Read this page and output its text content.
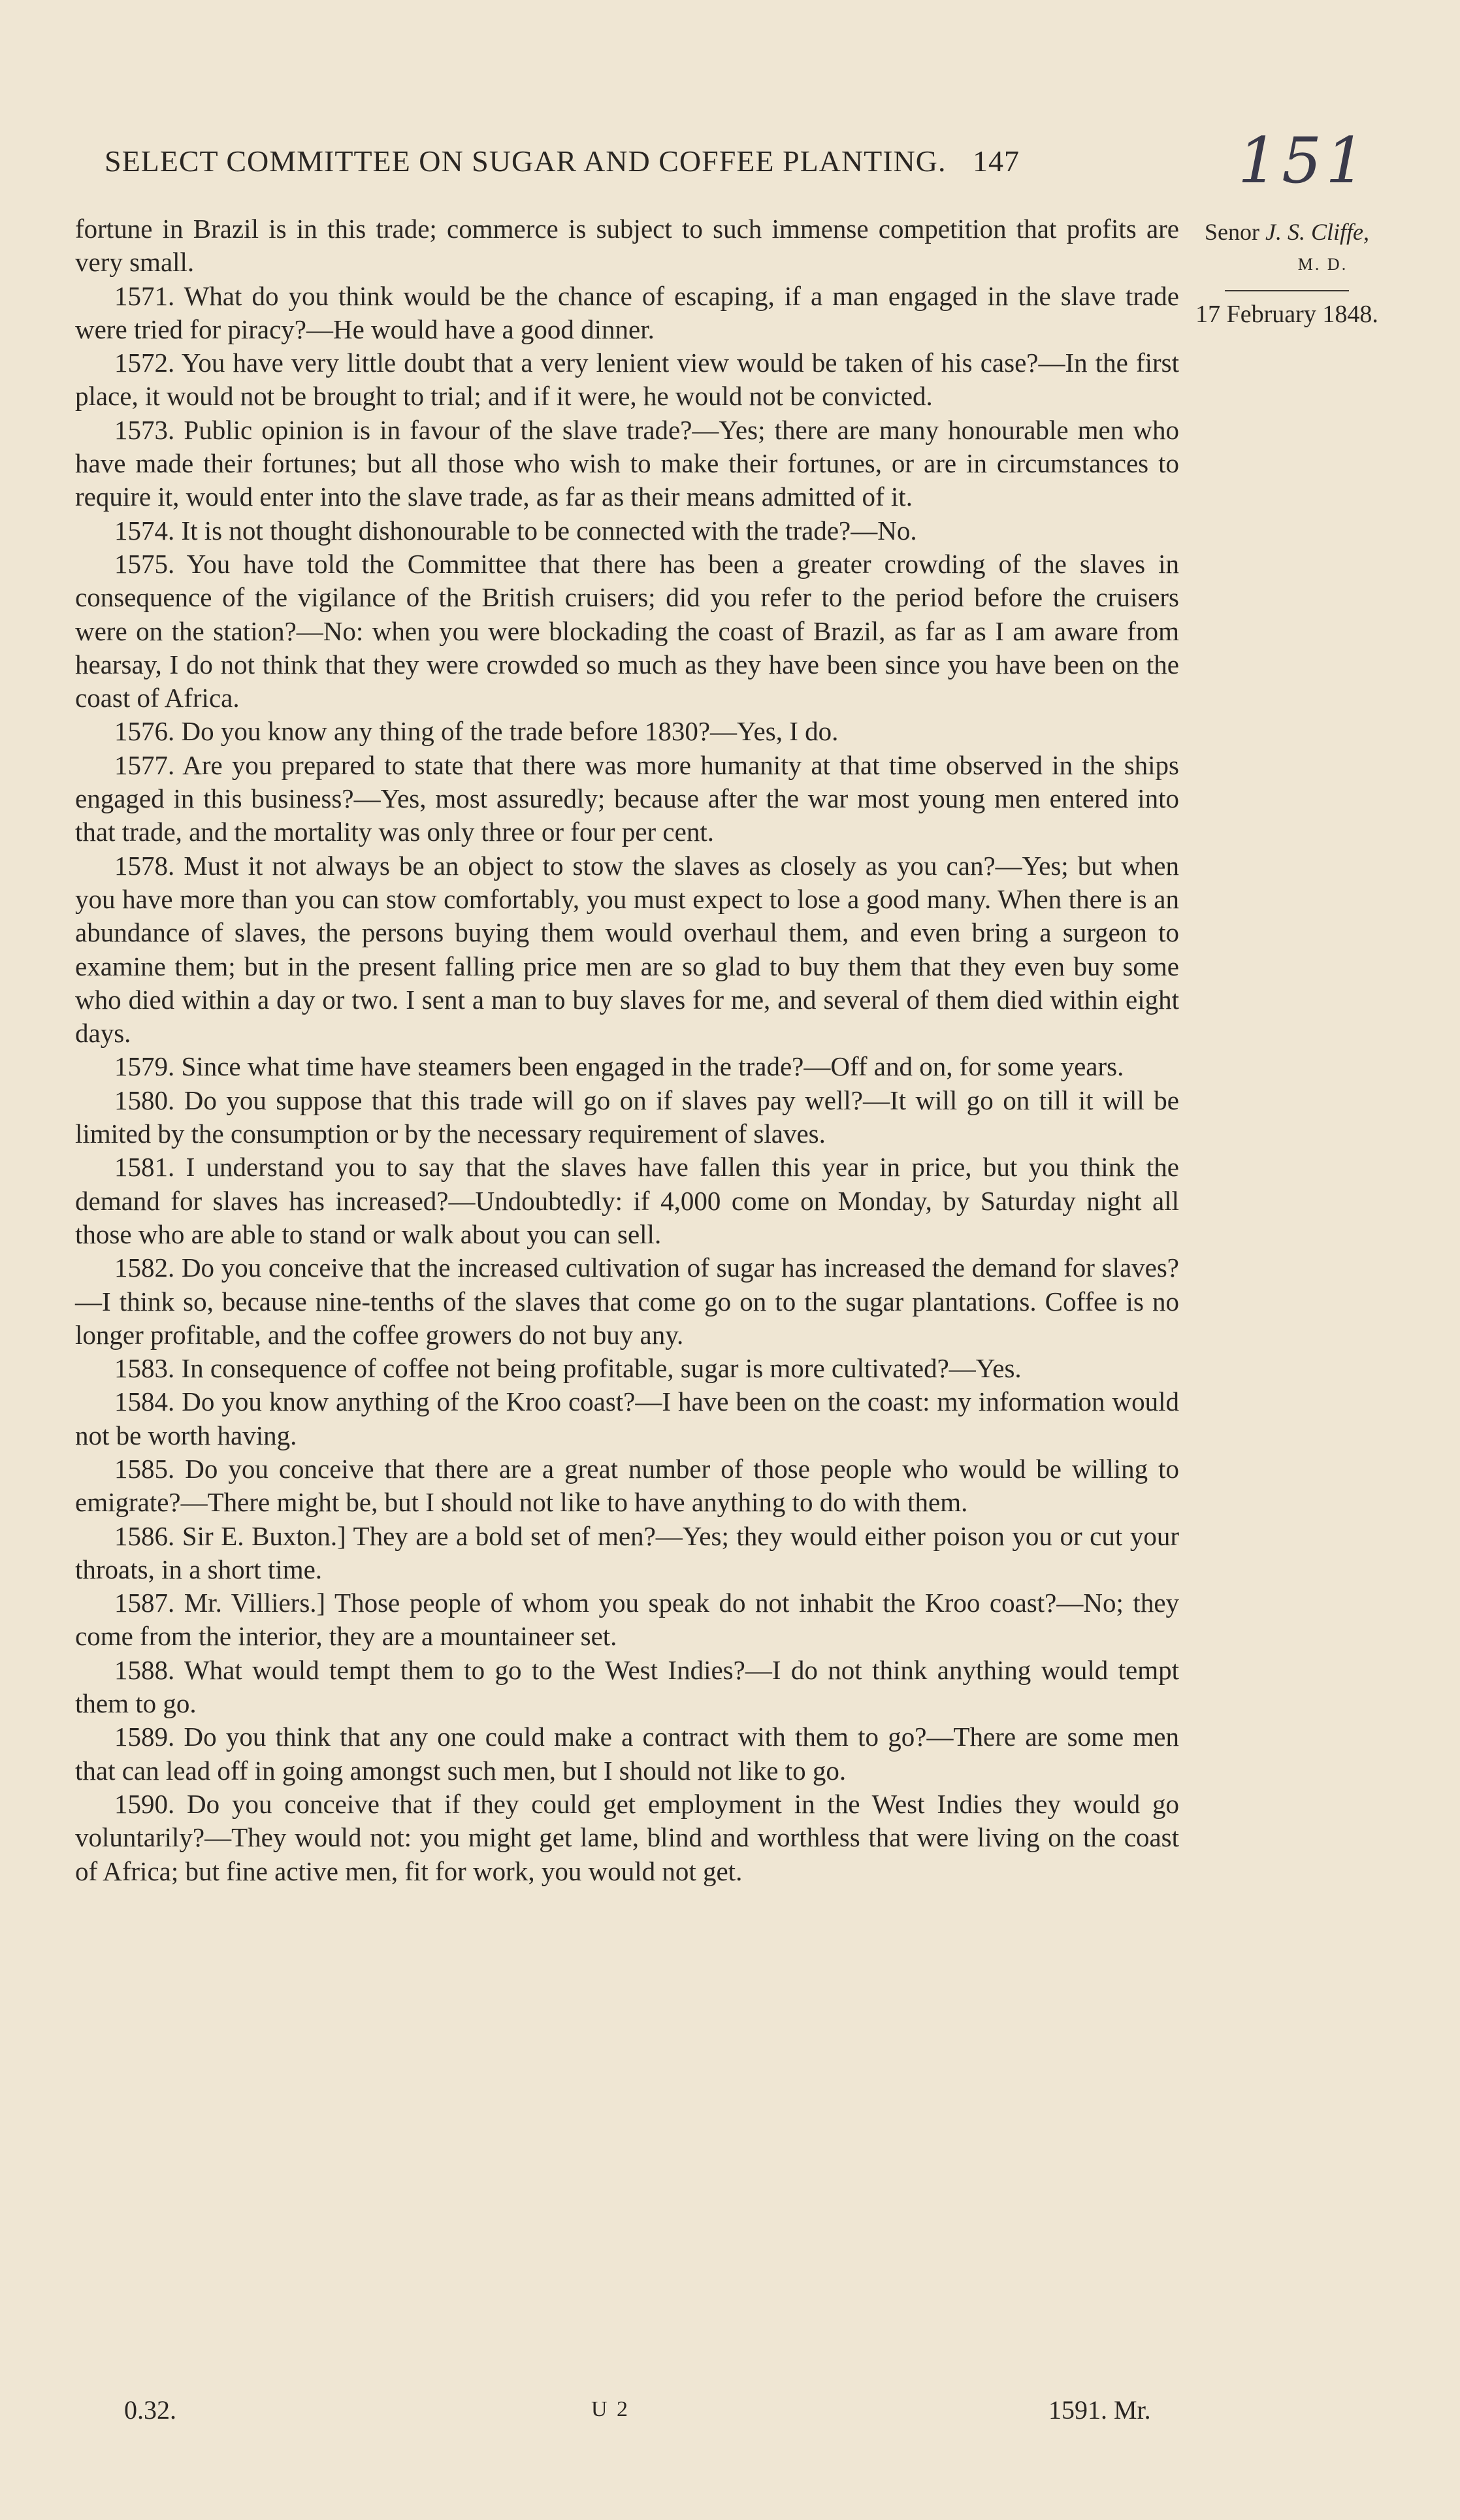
151
SELECT COMMITTEE ON SUGAR AND COFFEE PLANTING. 147
Senor J. S. Cliffe,
M. D.
17 February 1848.

fortune in Brazil is in this trade; commerce is subject to such immense competition that profits are very small.

1571. What do you think would be the chance of escaping, if a man engaged in the slave trade were tried for piracy?—He would have a good dinner.

1572. You have very little doubt that a very lenient view would be taken of his case?—In the first place, it would not be brought to trial; and if it were, he would not be convicted.

1573. Public opinion is in favour of the slave trade?—Yes; there are many honourable men who have made their fortunes; but all those who wish to make their fortunes, or are in circumstances to require it, would enter into the slave trade, as far as their means admitted of it.

1574. It is not thought dishonourable to be connected with the trade?—No.

1575. You have told the Committee that there has been a greater crowding of the slaves in consequence of the vigilance of the British cruisers; did you refer to the period before the cruisers were on the station?—No: when you were blockading the coast of Brazil, as far as I am aware from hearsay, I do not think that they were crowded so much as they have been since you have been on the coast of Africa.

1576. Do you know any thing of the trade before 1830?—Yes, I do.

1577. Are you prepared to state that there was more humanity at that time observed in the ships engaged in this business?—Yes, most assuredly; because after the war most young men entered into that trade, and the mortality was only three or four per cent.

1578. Must it not always be an object to stow the slaves as closely as you can?—Yes; but when you have more than you can stow comfortably, you must expect to lose a good many. When there is an abundance of slaves, the persons buying them would overhaul them, and even bring a surgeon to examine them; but in the present falling price men are so glad to buy them that they even buy some who died within a day or two. I sent a man to buy slaves for me, and several of them died within eight days.

1579. Since what time have steamers been engaged in the trade?—Off and on, for some years.

1580. Do you suppose that this trade will go on if slaves pay well?—It will go on till it will be limited by the consumption or by the necessary requirement of slaves.

1581. I understand you to say that the slaves have fallen this year in price, but you think the demand for slaves has increased?—Undoubtedly: if 4,000 come on Monday, by Saturday night all those who are able to stand or walk about you can sell.

1582. Do you conceive that the increased cultivation of sugar has increased the demand for slaves?—I think so, because nine-tenths of the slaves that come go on to the sugar plantations. Coffee is no longer profitable, and the coffee growers do not buy any.

1583. In consequence of coffee not being profitable, sugar is more cultivated?—Yes.

1584. Do you know anything of the Kroo coast?—I have been on the coast: my information would not be worth having.

1585. Do you conceive that there are a great number of those people who would be willing to emigrate?—There might be, but I should not like to have anything to do with them.

1586. Sir E. Buxton.] They are a bold set of men?—Yes; they would either poison you or cut your throats, in a short time.

1587. Mr. Villiers.] Those people of whom you speak do not inhabit the Kroo coast?—No; they come from the interior, they are a mountaineer set.

1588. What would tempt them to go to the West Indies?—I do not think anything would tempt them to go.

1589. Do you think that any one could make a contract with them to go?—There are some men that can lead off in going amongst such men, but I should not like to go.

1590. Do you conceive that if they could get employment in the West Indies they would go voluntarily?—They would not: you might get lame, blind and worthless that were living on the coast of Africa; but fine active men, fit for work, you would not get.

0.32.	U 2	1591. Mr.
